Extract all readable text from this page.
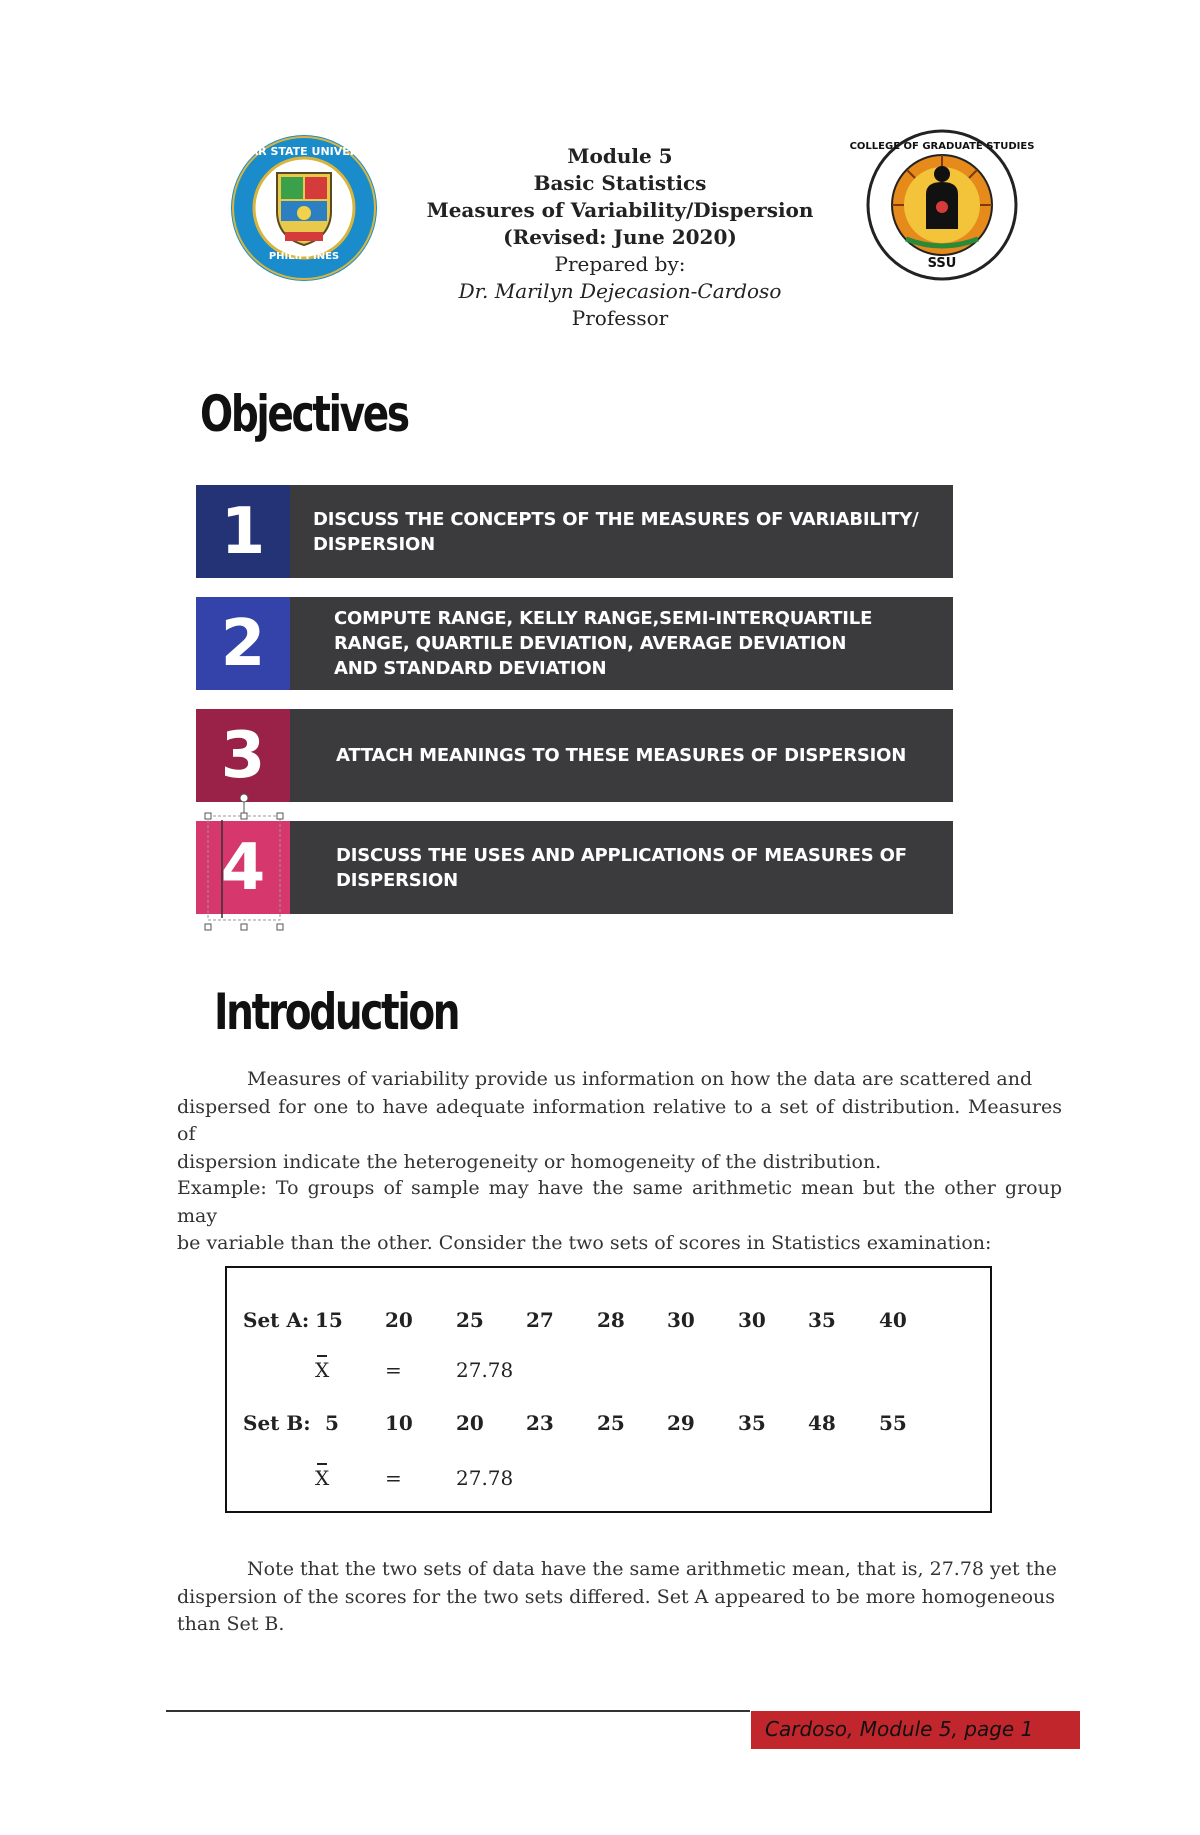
PHILIPPINES
SAMAR STATE UNIVERSITY	COLLEGE OF GRADUATE STUDIES
SSU
Module 5
Basic Statistics
Measures of Variability/Dispersion
(Revised: June 2020)
Prepared by:
Dr. Marilyn Dejecasion-Cardoso
Professor
Objectives
1	DISCUSS THE CONCEPTS OF THE MEASURES OF VARIABILITY/
DISPERSION
2	COMPUTE RANGE, KELLY RANGE,SEMI-INTERQUARTILE
RANGE, QUARTILE DEVIATION, AVERAGE DEVIATION
AND STANDARD DEVIATION
3	ATTACH MEANINGS TO THESE MEASURES OF DISPERSION
4	DISCUSS THE USES AND APPLICATIONS OF MEASURES OF
DISPERSION
Introduction
Measures of variability provide us information on how the data are scattered and
dispersed for one to have adequate information relative to a set of distribution. Measures of
dispersion indicate the heterogeneity or homogeneity of the distribution.
Example: To groups of sample may have the same arithmetic mean but the other group may
be variable than the other. Consider the two sets of scores in Statistics examination:
Set A: 15 20 25 27 28 30 30 35 40
X	=	27.78
Set B: 5 10 20 23 25 29 35 48 55
X	=	27.78
Note that the two sets of data have the same arithmetic mean, that is, 27.78 yet the
dispersion of the scores for the two sets differed. Set A appeared to be more homogeneous
than Set B.
Cardoso, Module 5, page 1
